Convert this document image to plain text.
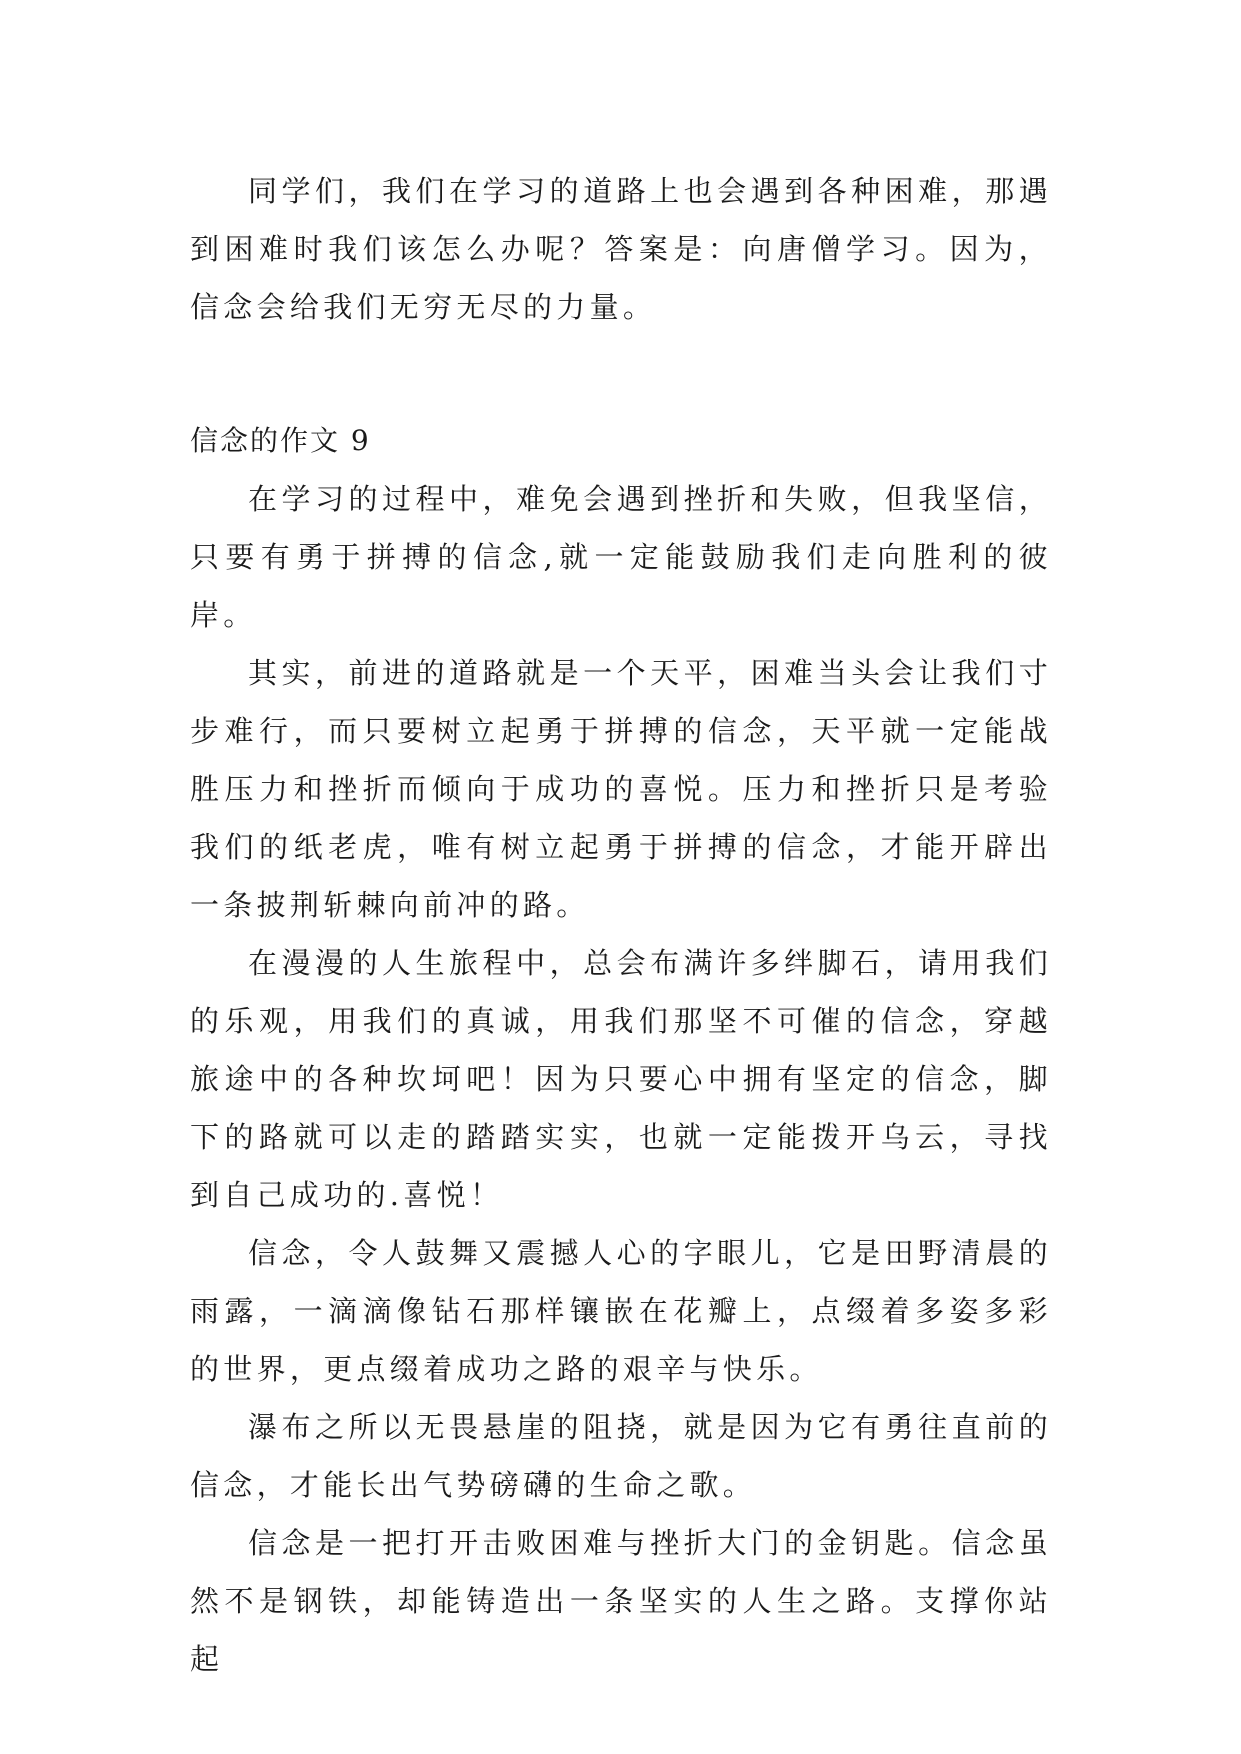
同学们，我们在学习的道路上也会遇到各种困难，那遇到困难时我们该怎么办呢？答案是：向唐僧学习。因为，信念会给我们无穷无尽的力量。

信念的作文 9

在学习的过程中，难免会遇到挫折和失败，但我坚信，只要有勇于拼搏的信念,就一定能鼓励我们走向胜利的彼岸。

其实，前进的道路就是一个天平，困难当头会让我们寸步难行，而只要树立起勇于拼搏的信念，天平就一定能战胜压力和挫折而倾向于成功的喜悦。压力和挫折只是考验我们的纸老虎，唯有树立起勇于拼搏的信念，才能开辟出一条披荆斩棘向前冲的路。

在漫漫的人生旅程中，总会布满许多绊脚石，请用我们的乐观，用我们的真诚，用我们那坚不可催的信念，穿越旅途中的各种坎坷吧！因为只要心中拥有坚定的信念，脚下的路就可以走的踏踏实实，也就一定能拨开乌云，寻找到自己成功的.喜悦！

信念，令人鼓舞又震撼人心的字眼儿，它是田野清晨的雨露，一滴滴像钻石那样镶嵌在花瓣上，点缀着多姿多彩的世界，更点缀着成功之路的艰辛与快乐。

瀑布之所以无畏悬崖的阻挠，就是因为它有勇往直前的信念，才能长出气势磅礴的生命之歌。

信念是一把打开击败困难与挫折大门的金钥匙。信念虽然不是钢铁，却能铸造出一条坚实的人生之路。支撑你站起
